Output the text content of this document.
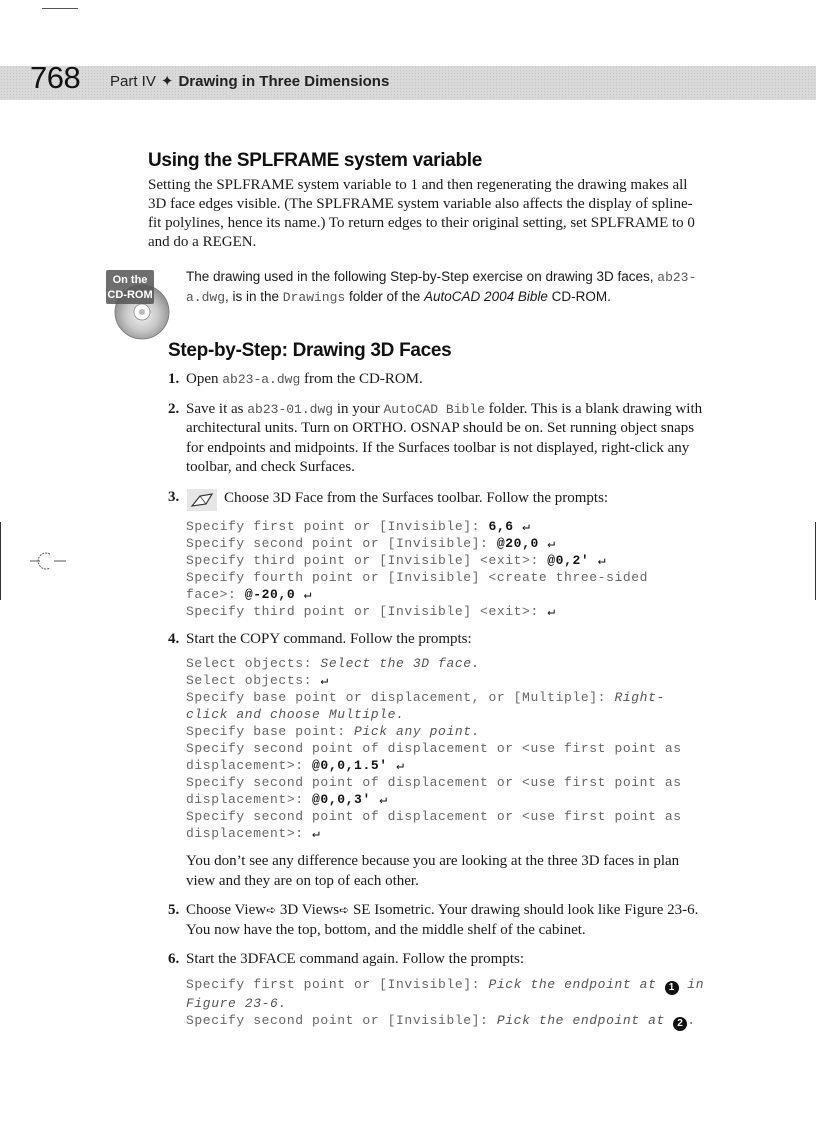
768 Part IV ✦ Drawing in Three Dimensions
Using the SPLFRAME system variable

Setting the SPLFRAME system variable to 1 and then regenerating the drawing makes all 3D face edges visible. (The SPLFRAME system variable also affects the display of spline-fit polylines, hence its name.) To return edges to their original setting, set SPLFRAME to 0 and do a REGEN.

On the
CD-ROM

The drawing used in the following Step-by-Step exercise on drawing 3D faces, ab23-a.dwg, is in the Drawings folder of the AutoCAD 2004 Bible CD-ROM.

Step-by-Step: Drawing 3D Faces
1. Open ab23-a.dwg from the CD-ROM.
2. Save it as ab23-01.dwg in your AutoCAD Bible folder. This is a blank drawing with architectural units. Turn on ORTHO. OSNAP should be on. Set running object snaps for endpoints and midpoints. If the Surfaces toolbar is not displayed, right-click any toolbar, and check Surfaces.
3.	Choose 3D Face from the Surfaces toolbar. Follow the prompts:
Specify first point or [Invisible]: 6,6 ↵
Specify second point or [Invisible]: @20,0 ↵
Specify third point or [Invisible] <exit>: @0,2' ↵
Specify fourth point or [Invisible] <create three-sided
face>: @-20,0 ↵
Specify third point or [Invisible] <exit>: ↵
4. Start the COPY command. Follow the prompts:
Select objects: Select the 3D face.
Select objects: ↵
Specify base point or displacement, or [Multiple]: Right-
click and choose Multiple.
Specify base point: Pick any point.
Specify second point of displacement or <use first point as
displacement>: @0,0,1.5' ↵
Specify second point of displacement or <use first point as
displacement>: @0,0,3' ↵
Specify second point of displacement or <use first point as
displacement>: ↵

You don’t see any difference because you are looking at the three 3D faces in plan view and they are on top of each other.

5. Choose View➪ 3D Views➪ SE Isometric. Your drawing should look like Figure 23-6. You now have the top, bottom, and the middle shelf of the cabinet.
6. Start the 3DFACE command again. Follow the prompts:
Specify first point or [Invisible]: Pick the endpoint at 1 in
Figure 23-6.
Specify second point or [Invisible]: Pick the endpoint at 2 .
